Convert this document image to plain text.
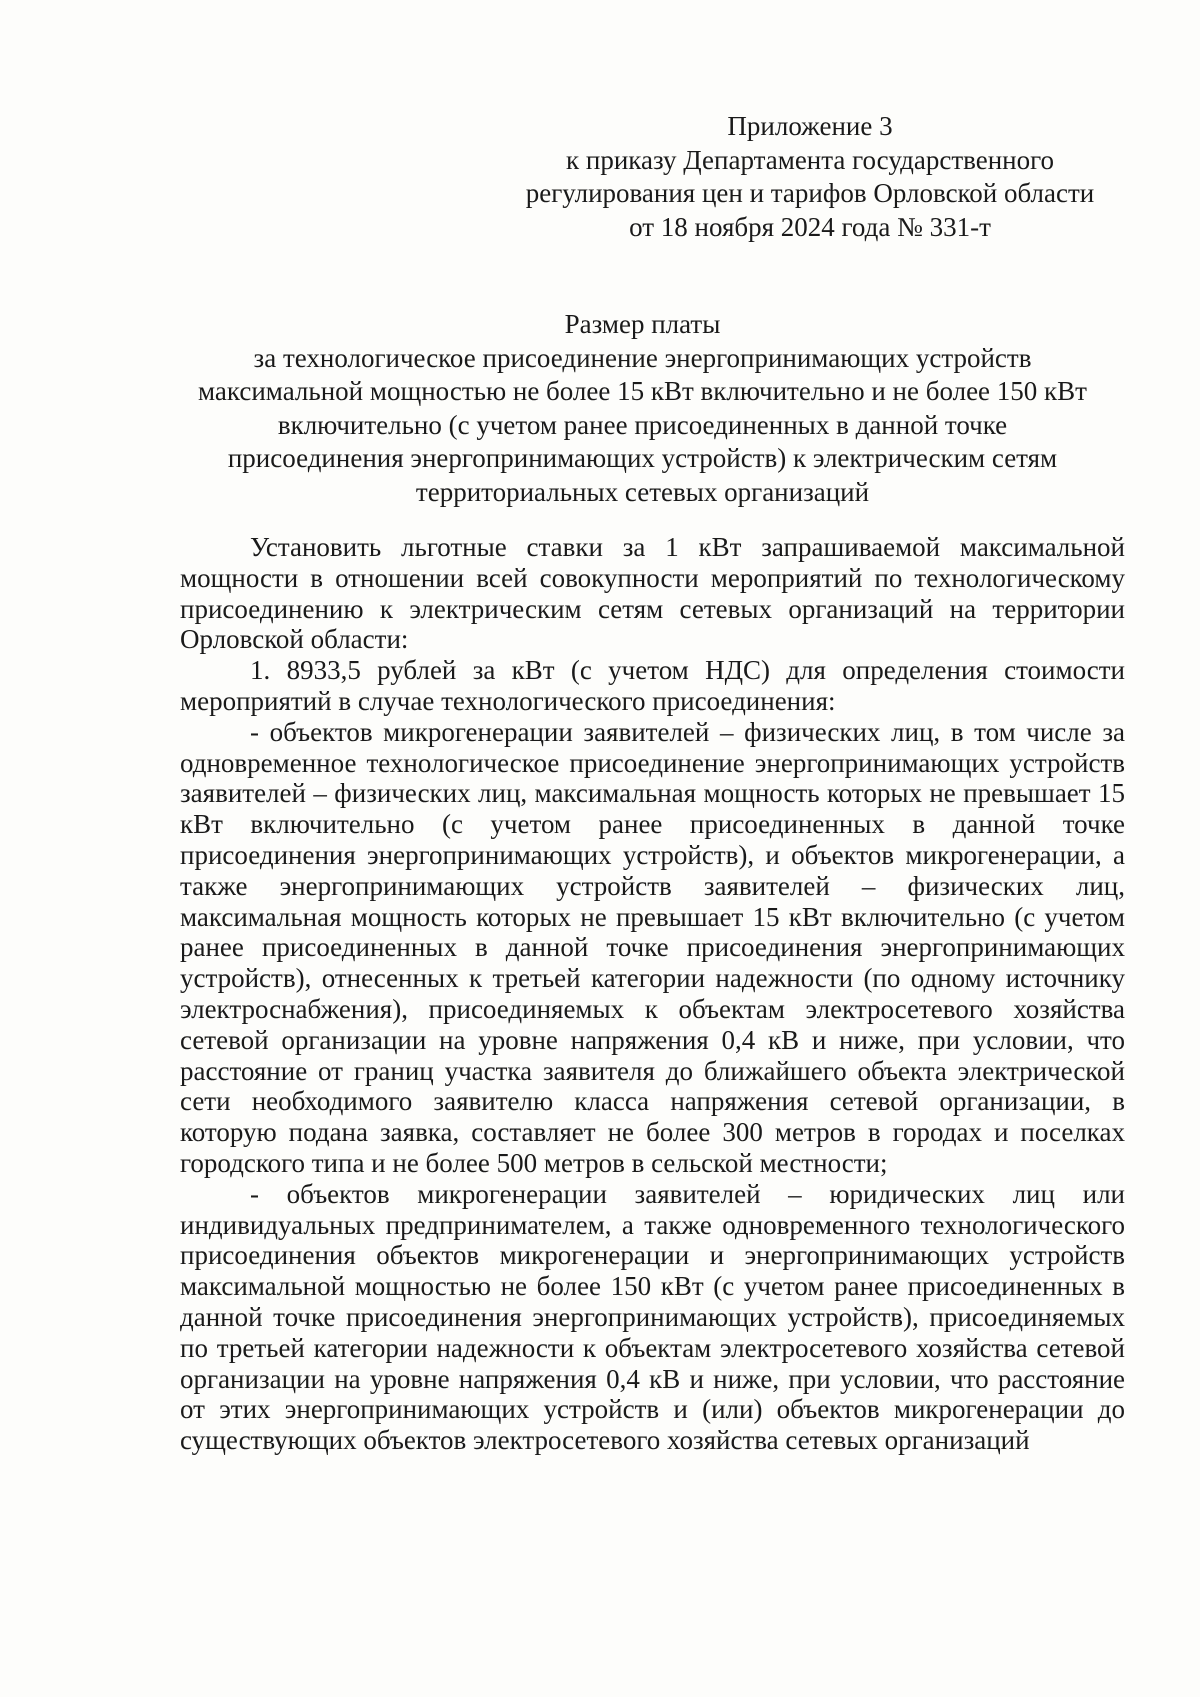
Приложение 3
к приказу Департамента государственного
регулирования цен и тарифов Орловской области
от 18 ноября 2024 года № 331-т
Размер платы
за технологическое присоединение энергопринимающих устройств
максимальной мощностью не более 15 кВт включительно и не более 150 кВт
включительно (с учетом ранее присоединенных в данной точке
присоединения энергопринимающих устройств) к электрическим сетям
территориальных сетевых организаций

Установить льготные ставки за 1 кВт запрашиваемой максимальной мощности в отношении всей совокупности мероприятий по технологическому присоединению к электрическим сетям сетевых организаций на территории Орловской области:

1. 8933,5 рублей за кВт (с учетом НДС) для определения стоимости мероприятий в случае технологического присоединения:

- объектов микрогенерации заявителей – физических лиц, в том числе за одновременное технологическое присоединение энергопринимающих устройств заявителей – физических лиц, максимальная мощность которых не превышает 15 кВт включительно (с учетом ранее присоединенных в данной точке присоединения энергопринимающих устройств), и объектов микрогенерации, а также энергопринимающих устройств заявителей – физических лиц, максимальная мощность которых не превышает 15 кВт включительно (с учетом ранее присоединенных в данной точке присоединения энергопринимающих устройств), отнесенных к третьей категории надежности (по одному источнику электроснабжения), присоединяемых к объектам электросетевого хозяйства сетевой организации на уровне напряжения 0,4 кВ и ниже, при условии, что расстояние от границ участка заявителя до ближайшего объекта электрической сети необходимого заявителю класса напряжения сетевой организации, в которую подана заявка, составляет не более 300 метров в городах и поселках городского типа и не более 500 метров в сельской местности;

- объектов микрогенерации заявителей – юридических лиц или индивидуальных предпринимателем, а также одновременного технологического присоединения объектов микрогенерации и энергопринимающих устройств максимальной мощностью не более 150 кВт (с учетом ранее присоединенных в данной точке присоединения энергопринимающих устройств), присоединяемых по третьей категории надежности к объектам электросетевого хозяйства сетевой организации на уровне напряжения 0,4 кВ и ниже, при условии, что расстояние от этих энергопринимающих устройств и (или) объектов микрогенерации до существующих объектов электросетевого хозяйства сетевых организаций
